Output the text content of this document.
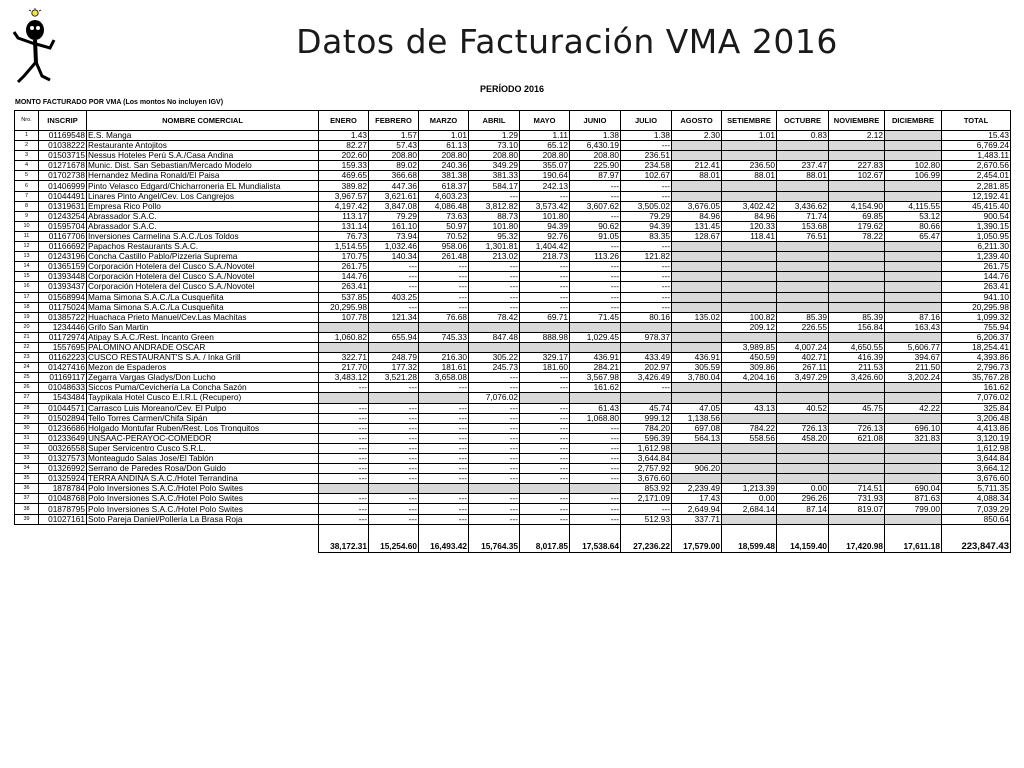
Datos de Facturación VMA 2016
PERÍODO 2016
MONTO FACTURADO POR VMA (Los montos No incluyen IGV)
Nro.	INSCRIP	NOMBRE COMERCIAL	ENERO	FEBRERO	MARZO	ABRIL	MAYO	JUNIO	JULIO	AGOSTO	SETIEMBRE	OCTUBRE	NOVIEMBRE	DICIEMBRE	TOTAL
1	01169548	E.S. Manga	1.43	1.57	1.01	1.29	1.11	1.38	1.38	2.30	1.01	0.83	2.12		15.43
2	01038222	Restaurante Antojitos	82.27	57.43	61.13	73.10	65.12	6,430.19	---						6,769.24
3	01503715	Nessus Hoteles Perú S.A./Casa Andina	202.60	208.80	208.80	208.80	208.80	208.80	236.51						1,483.11
4	01271678	Munic. Dist. San Sebastian/Mercado Modelo	159.33	89.02	240.36	349.29	355.07	225.90	234.58	212.41	236.50	237.47	227.83	102.80	2,670.56
5	01702738	Hernandez Medina Ronald/El Paisa	469.65	366.68	381.38	381.33	190.64	87.97	102.67	88.01	88.01	88.01	102.67	106.99	2,454.01
6	01406999	Pinto Velasco Edgard/Chicharroneria EL Mundialista	389.82	447.36	618.37	584.17	242.13	---	---						2,281.85
7	01044491	Linares Pinto Angel/Cev. Los Cangrejos	3,967.57	3,621.61	4,603.23	---	---	---	---						12,192.41
8	01319631	Empresa Rico Pollo	4,197.42	3,847.08	4,086.48	3,812.82	3,573.42	3,607.62	3,505.02	3,676.05	3,402.42	3,436.62	4,154.90	4,115.55	45,415.40
9	01243254	Abrassador S.A.C.	113.17	79.29	73.63	88.73	101.80	---	79.29	84.96	84.96	71.74	69.85	53.12	900.54
10	01595704	Abrassador S.A.C.	131.14	161.10	50.97	101.80	94.39	90.62	94.39	131.45	120.33	153.68	179.62	80.66	1,390.15
11	01167706	Inversiones Carmelina S.A.C./Los Toldos	76.73	73.94	70.52	95.32	92.76	91.05	83.35	128.67	118.41	76.51	78.22	65.47	1,050.95
12	01166692	Papachos Restaurants S.A.C.	1,514.55	1,032.46	958.06	1,301.81	1,404.42	---	---						6,211.30
13	01243196	Concha Castillo Pablo/Pizzeria Suprema	170.75	140.34	261.48	213.02	218.73	113.26	121.82						1,239.40
14	01365159	Corporación Hotelera del Cusco S.A./Novotel	261.75	---	---	---	---	---	---						261.75
15	01393448	Corporación Hotelera del Cusco S.A./Novotel	144.76	---	---	---	---	---	---						144.76
16	01393437	Corporación Hotelera del Cusco S.A./Novotel	263.41	---	---	---	---	---	---						263.41
17	01568994	Mama Simona S.A.C./La Cusqueñita	537.85	403.25	---	---	---	---	---						941.10
18	01175024	Mama Simona S.A.C./La Cusqueñita	20,295.98	---	---	---	---	---	---						20,295.98
19	01385722	Huachaca Prieto Manuel/Cev.Las Machitas	107.78	121.34	76.68	78.42	69.71	71.45	80.16	135.02	100.82	85.39	85.39	87.16	1,099.32
20	1234446	Grifo San Martin									209.12	226.55	156.84	163.43	755.94
21	01172974	Atipay S.A.C./Rest. Incanto Green	1,060.82	655.94	745.33	847.48	888.98	1,029.45	978.37						6,206.37
22	1557695	PALOMINO ANDRADE OSCAR									3,989.85	4,007.24	4,650.55	5,606.77	18,254.41
23	01162223	CUSCO RESTAURANT'S S.A. / Inka Grill	322.71	248.79	216.30	305.22	329.17	436.91	433.49	436.91	450.59	402.71	416.39	394.67	4,393.86
24	01427416	Mezon de Espaderos	217.70	177.32	181.61	245.73	181.60	284.21	202.97	305.59	309.86	267.11	211.53	211.50	2,796.73
25	01169117	Zegarra Vargas Gladys/Don Lucho	3,483.12	3,521.28	3,658.08	---	---	3,567.98	3,426.49	3,780.04	4,204.16	3,497.29	3,426.60	3,202.24	35,767.28
26	01048633	Siccos Puma/Cevichería La Concha Sazón	---	---	---	---	---	161.62	---						161.62
27	1543484	Taypikala Hotel Cusco E.I.R.L (Recupero)				7,076.02									7,076.02
28	01044571	Carrasco Luis Moreano/Cev. El Pulpo	---	---	---	---	---	61.43	45.74	47.05	43.13	40.52	45.75	42.22	325.84
29	01502894	Tello Torres Carmen/Chifa Sipán	---	---	---	---	---	1,068.80	999.12	1,138.56					3,206.48
30	01236686	Holgado Montufar Ruben/Rest. Los Tronquitos	---	---	---	---	---	---	784.20	697.08	784.22	726.13	726.13	696.10	4,413.86
31	01233649	UNSAAC-PERAYOC-COMEDOR	---	---	---	---	---	---	596.39	564.13	558.56	458.20	621.08	321.83	3,120.19
32	00326558	Super Servicentro Cusco S.R.L.	---	---	---	---	---	---	1,612.98						1,612.98
33	01327573	Monteagudo Salas Jose/El Tablón	---	---	---	---	---	---	3,644.84						3,644.84
34	01326992	Serrano de Paredes Rosa/Don Guido	---	---	---	---	---	---	2,757.92	906.20					3,664.12
35	01325924	TERRA ANDINA S.A.C./Hotel Terrandina	---	---	---	---	---	---	3,676.60						3,676.60
36	1878784	Polo Inversiones S.A.C./Hotel Polo Swites							853.92	2,239.49	1,213.39	0.00	714.51	690.04	5,711.35
37	01048768	Polo Inversiones S.A.C./Hotel Polo Swites	---	---	---	---	---	---	2,171.09	17.43	0.00	296.26	731.93	871.63	4,088.34
38	01878795	Polo Inversiones S.A.C./Hotel Polo Swites	---	---	---	---	---	---	---	2,649.94	2,684.14	87.14	819.07	799.00	7,039.29
39	01027161	Soto Pareja Daniel/Pollería La Brasa Roja	---	---	---	---	---	---	512.93	337.71					850.64
			38,172.31	15,254.60	16,493.42	15,764.35	8,017.85	17,538.64	27,236.22	17,579.00	18,599.48	14,159.40	17,420.98	17,611.18	223,847.43
